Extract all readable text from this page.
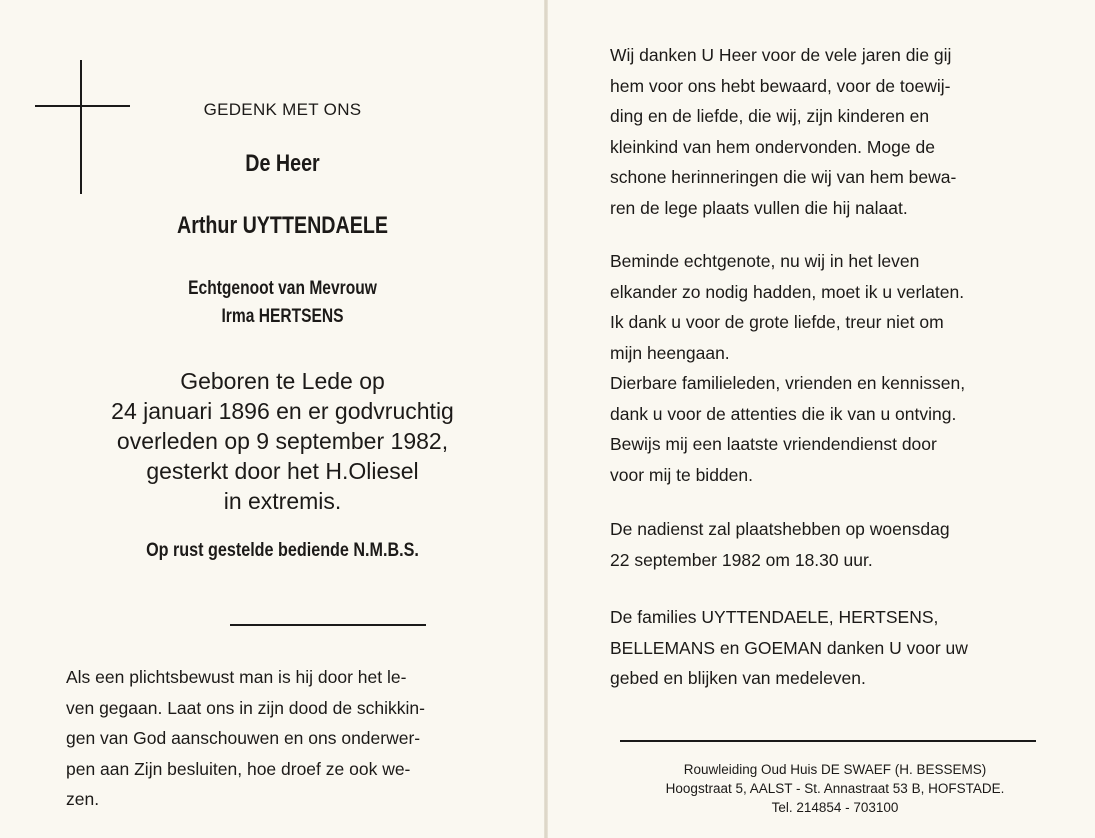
GEDENK MET ONS
De Heer
Arthur UYTTENDAELE
Echtgenoot van Mevrouw
Irma HERTSENS
Geboren te Lede op
24 januari 1896 en er godvruchtig
overleden op 9 september 1982,
gesterkt door het H.Oliesel
in extremis.
Op rust gestelde bediende N.M.B.S.
Als een plichtsbewust man is hij door het le-
ven gegaan. Laat ons in zijn dood de schikkin-
gen van God aanschouwen en ons onderwer-
pen aan Zijn besluiten, hoe droef ze ook we-
zen.
Wij danken U Heer voor de vele jaren die gij
hem voor ons hebt bewaard, voor de toewij-
ding en de liefde, die wij, zijn kinderen en
kleinkind van hem ondervonden. Moge de
schone herinneringen die wij van hem bewa-
ren de lege plaats vullen die hij nalaat.
Beminde echtgenote, nu wij in het leven
elkander zo nodig hadden, moet ik u verlaten.
Ik dank u voor de grote liefde, treur niet om
mijn heengaan.
Dierbare familieleden, vrienden en kennissen,
dank u voor de attenties die ik van u ontving.
Bewijs mij een laatste vriendendienst door
voor mij te bidden.
De nadienst zal plaatshebben op woensdag
22 september 1982 om 18.30 uur.
De families UYTTENDAELE, HERTSENS,
BELLEMANS en GOEMAN danken U voor uw
gebed en blijken van medeleven.
Rouwleiding Oud Huis DE SWAEF (H. BESSEMS)
Hoogstraat 5, AALST - St. Annastraat 53 B, HOFSTADE.
Tel. 214854 - 703100
